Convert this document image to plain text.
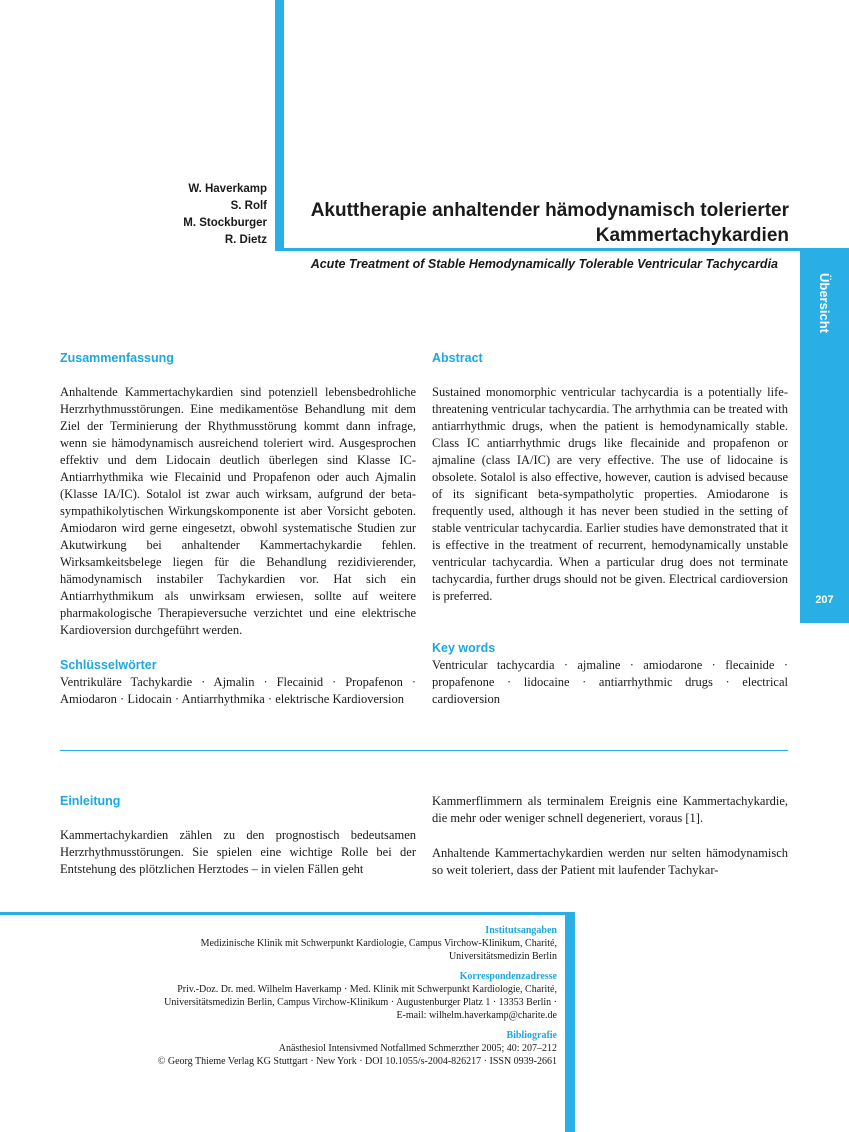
Übersicht
207
W. Haverkamp
S. Rolf
M. Stockburger
R. Dietz
Akuttherapie anhaltender hämodynamisch tolerierter
Kammertachykardien
Acute Treatment of Stable Hemodynamically Tolerable Ventricular Tachycardia
Zusammenfassung

Anhaltende Kammertachykardien sind potenziell lebensbedrohliche Herzrhythmusstörungen. Eine medikamentöse Behandlung mit dem Ziel der Terminierung der Rhythmusstörung kommt dann infrage, wenn sie hämodynamisch ausreichend toleriert wird. Ausgesprochen effektiv und dem Lidocain deutlich überlegen sind Klasse IC-Antiarrhythmika wie Flecainid und Propafenon oder auch Ajmalin (Klasse IA/IC). Sotalol ist zwar auch wirksam, aufgrund der beta-sympathikolytischen Wirkungskomponente ist aber Vorsicht geboten. Amiodaron wird gerne eingesetzt, obwohl systematische Studien zur Akutwirkung bei anhaltender Kammertachykardie fehlen. Wirksamkeitsbelege liegen für die Behandlung rezidivierender, hämodynamisch instabiler Tachykardien vor. Hat sich ein Antiarrhythmikum als unwirksam erwiesen, sollte auf weitere pharmakologische Therapieversuche verzichtet und eine elektrische Kardioversion durchgeführt werden.

Schlüsselwörter

Ventrikuläre Tachykardie · Ajmalin · Flecainid · Propafenon · Amiodaron · Lidocain · Antiarrhythmika · elektrische Kardioversion

Abstract

Sustained monomorphic ventricular tachycardia is a potentially life-threatening ventricular tachycardia. The arrhythmia can be treated with antiarrhythmic drugs, when the patient is hemodynamically stable. Class IC antiarrhythmic drugs like flecainide and propafenon or ajmaline (class IA/IC) are very effective. The use of lidocaine is obsolete. Sotalol is also effective, however, caution is advised because of its significant beta-sympatholytic properties. Amiodarone is frequently used, although it has never been studied in the setting of stable ventricular tachycardia. Earlier studies have demonstrated that it is effective in the treatment of recurrent, hemodynamically unstable ventricular tachycardia. When a particular drug does not terminate tachycardia, further drugs should not be given. Electrical cardioversion is preferred.

Key words

Ventricular tachycardia · ajmaline · amiodarone · flecainide · propafenone · lidocaine · antiarrhythmic drugs · electrical cardioversion

Einleitung

Kammertachykardien zählen zu den prognostisch bedeutsamen Herzrhythmusstörungen. Sie spielen eine wichtige Rolle bei der Entstehung des plötzlichen Herztodes – in vielen Fällen geht

Kammerflimmern als terminalem Ereignis eine Kammertachykardie, die mehr oder weniger schnell degeneriert, voraus [1].

Anhaltende Kammertachykardien werden nur selten hämodynamisch so weit toleriert, dass der Patient mit laufender Tachykar-

Institutsangaben
Medizinische Klinik mit Schwerpunkt Kardiologie, Campus Virchow-Klinikum, Charité,
Universitätsmedizin Berlin
Korrespondenzadresse
Priv.-Doz. Dr. med. Wilhelm Haverkamp · Med. Klinik mit Schwerpunkt Kardiologie, Charité,
Universitätsmedizin Berlin, Campus Virchow-Klinikum · Augustenburger Platz 1 · 13353 Berlin ·
E-mail: wilhelm.haverkamp@charite.de
Bibliografie
Anästhesiol Intensivmed Notfallmed Schmerzther 2005; 40: 207–212
© Georg Thieme Verlag KG Stuttgart · New York · DOI 10.1055/s-2004-826217 · ISSN 0939-2661
